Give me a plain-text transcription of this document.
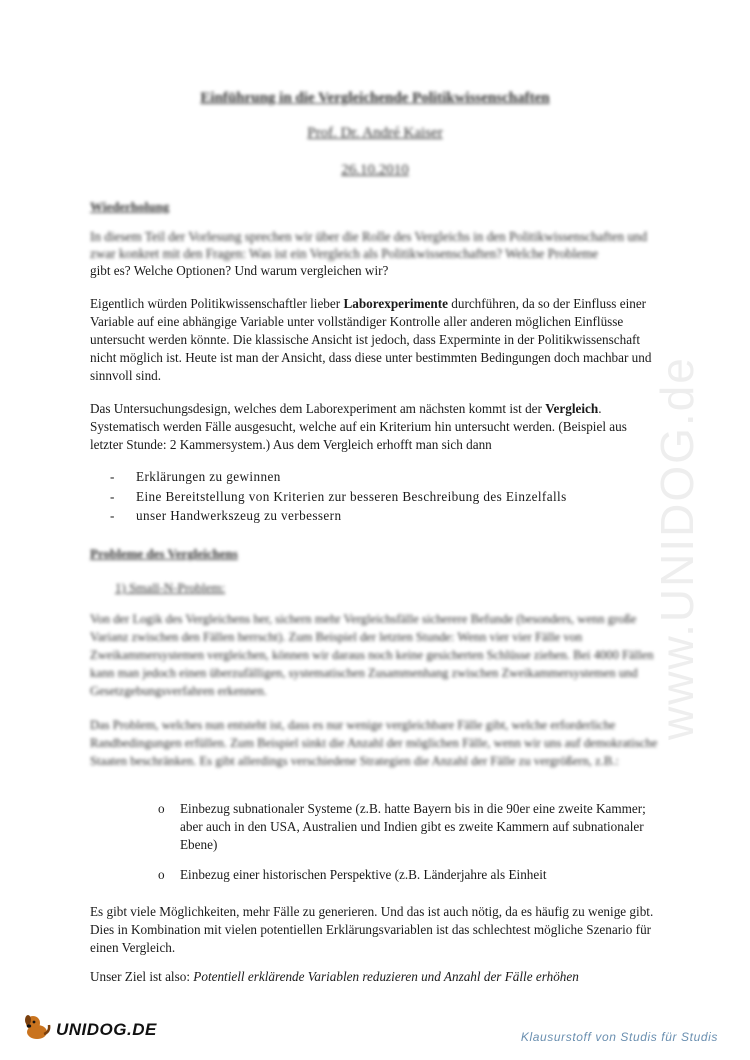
Einführung in die Vergleichende Politikwissenschaften
Prof. Dr. André Kaiser
26.10.2010
Wiederholung

In diesem Teil der Vorlesung sprechen wir über die Rolle des Vergleichs in den Politikwissenschaften und zwar konkret mit den Fragen: Was ist ein Vergleich als Politikwissenschaften? Welche Probleme
gibt es? Welche Optionen? Und warum vergleichen wir?

Eigentlich würden Politikwissenschaftler lieber Laborexperimente durchführen, da so der Einfluss einer Variable auf eine abhängige Variable unter vollständiger Kontrolle aller anderen möglichen Einflüsse untersucht werden könnte. Die klassische Ansicht ist jedoch, dass Experminte in der Politikwissenschaft nicht möglich ist. Heute ist man der Ansicht, dass diese unter bestimmten Bedingungen doch machbar und sinnvoll sind.

Das Untersuchungsdesign, welches dem Laborexperiment am nächsten kommt ist der Vergleich. Systematisch werden Fälle ausgesucht, welche auf ein Kriterium hin untersucht werden. (Beispiel aus letzter Stunde: 2 Kammersystem.) Aus dem Vergleich erhofft man sich dann

- Erklärungen zu gewinnen
- Eine Bereitstellung von Kriterien zur besseren Beschreibung des Einzelfalls
- unser Handwerkszeug zu verbessern
Probleme des Vergleichens
1) Small-N-Problem:

Von der Logik des Vergleichens her, sichern mehr Vergleichsfälle sicherere Befunde (besonders, wenn große Varianz zwischen den Fällen herrscht). Zum Beispiel der letzten Stunde: Wenn vier vier Fälle von Zweikammersystemen vergleichen, können wir daraus noch keine gesicherten Schlüsse ziehen. Bei 4000 Fällen kann man jedoch einen überzufälligen, systematischen Zusammenhang zwischen Zweikammersystemen und Gesetzgebungsverfahren erkennen.

Das Problem, welches nun entsteht ist, dass es nur wenige vergleichbare Fälle gibt, welche erforderliche Randbedingungen erfüllen. Zum Beispiel sinkt die Anzahl der möglichen Fälle, wenn wir uns auf demokratische Staaten beschränken. Es gibt allerdings verschiedene Strategien die Anzahl der Fälle zu vergrößern, z.B.:

o Einbezug subnationaler Systeme (z.B. hatte Bayern bis in die 90er eine zweite Kammer; aber auch in den USA, Australien und Indien gibt es zweite Kammern auf subnationaler Ebene)
o Einbezug einer historischen Perspektive (z.B. Länderjahre als Einheit

Es gibt viele Möglichkeiten, mehr Fälle zu generieren. Und das ist auch nötig, da es häufig zu wenige gibt. Dies in Kombination mit vielen potentiellen Erklärungsvariablen ist das schlechtest mögliche Szenario für einen Vergleich.

Unser Ziel ist also: Potentiell erklärende Variablen reduzieren und Anzahl der Fälle erhöhen

www.UNIDOG.de
UNIDOG.DE	Klausurstoff von Studis für Studis
